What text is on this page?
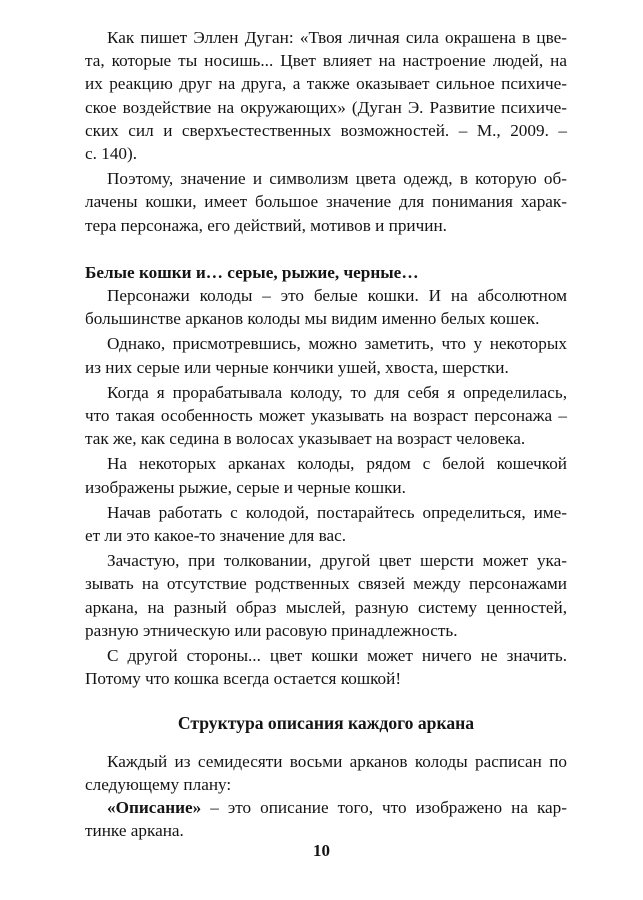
Как пишет Эллен Дуган: «Твоя личная сила окрашена в цве-
та, которые ты носишь... Цвет влияет на настроение людей, на
их реакцию друг на друга, а также оказывает сильное психиче-
ское воздействие на окружающих» (Дуган Э. Развитие психиче-
ских сил и сверхъестественных возможностей. – М., 2009. –
с. 140).

Поэтому, значение и символизм цвета одежд, в которую об-
лачены кошки, имеет большое значение для понимания харак-
тера персонажа, его действий, мотивов и причин.

Белые кошки и… серые, рыжие, черные…

Персонажи колоды – это белые кошки. И на абсолютном
большинстве арканов колоды мы видим именно белых кошек.

Однако, присмотревшись, можно заметить, что у некоторых
из них серые или черные кончики ушей, хвоста, шерстки.

Когда я прорабатывала колоду, то для себя я определилась,
что такая особенность может указывать на возраст персонажа –
так же, как седина в волосах указывает на возраст человека.

На некоторых арканах колоды, рядом с белой кошечкой
изображены рыжие, серые и черные кошки.

Начав работать с колодой, постарайтесь определиться, име-
ет ли это какое-то значение для вас.

Зачастую, при толковании, другой цвет шерсти может ука-
зывать на отсутствие родственных связей между персонажами
аркана, на разный образ мыслей, разную систему ценностей,
разную этническую или расовую принадлежность.

С другой стороны... цвет кошки может ничего не значить.
Потому что кошка всегда остается кошкой!

Структура описания каждого аркана

Каждый из семидесяти восьми арканов колоды расписан по
следующему плану:

«Описание» – это описание того, что изображено на кар-
тинке аркана.

10
